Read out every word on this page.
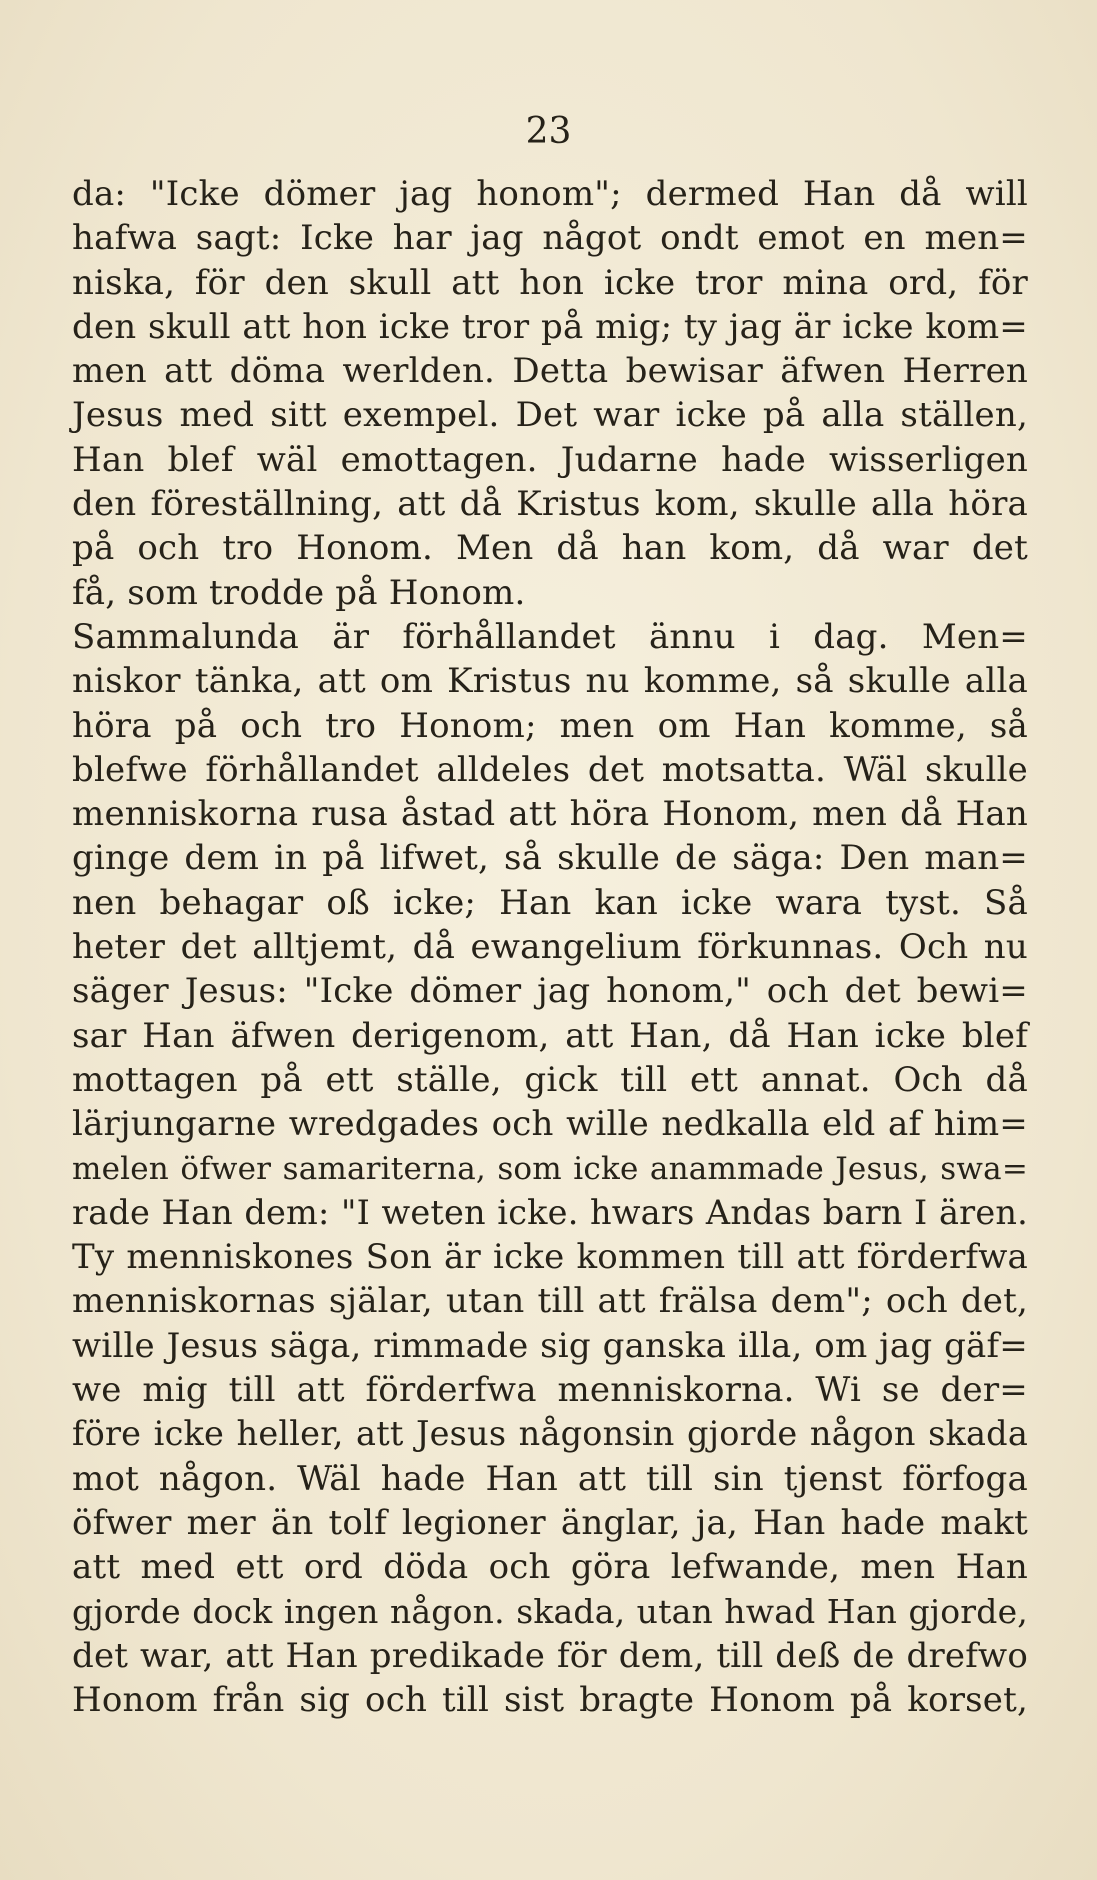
23
da: "Icke dömer jag honom"; dermed Han då will
hafwa sagt: Icke har jag något ondt emot en men=
niska, för den skull att hon icke tror mina ord, för
den skull att hon icke tror på mig; ty jag är icke kom=
men att döma werlden. Detta bewisar äfwen Herren
Jesus med sitt exempel. Det war icke på alla ställen,
Han blef wäl emottagen. Judarne hade wisserligen
den föreställning, att då Kristus kom, skulle alla höra
på och tro Honom. Men då han kom, då war det
få, som trodde på Honom.
Sammalunda är förhållandet ännu i dag. Men=
niskor tänka, att om Kristus nu komme, så skulle alla
höra på och tro Honom; men om Han komme, så
blefwe förhållandet alldeles det motsatta. Wäl skulle
menniskorna rusa åstad att höra Honom, men då Han
ginge dem in på lifwet, så skulle de säga: Den man=
nen behagar oß icke; Han kan icke wara tyst. Så
heter det alltjemt, då ewangelium förkunnas. Och nu
säger Jesus: "Icke dömer jag honom," och det bewi=
sar Han äfwen derigenom, att Han, då Han icke blef
mottagen på ett ställe, gick till ett annat. Och då
lärjungarne wredgades och wille nedkalla eld af him=
melen öfwer samariterna, som icke anammade Jesus, swa=
rade Han dem: "I weten icke. hwars Andas barn I ären.
Ty menniskones Son är icke kommen till att förderfwa
menniskornas själar, utan till att frälsa dem"; och det,
wille Jesus säga, rimmade sig ganska illa, om jag gäf=
we mig till att förderfwa menniskorna. Wi se der=
före icke heller, att Jesus någonsin gjorde någon skada
mot någon. Wäl hade Han att till sin tjenst förfoga
öfwer mer än tolf legioner änglar, ja, Han hade makt
att med ett ord döda och göra lefwande, men Han
gjorde dock ingen någon. skada, utan hwad Han gjorde,
det war, att Han predikade för dem, till deß de drefwo
Honom från sig och till sist bragte Honom på korset,
